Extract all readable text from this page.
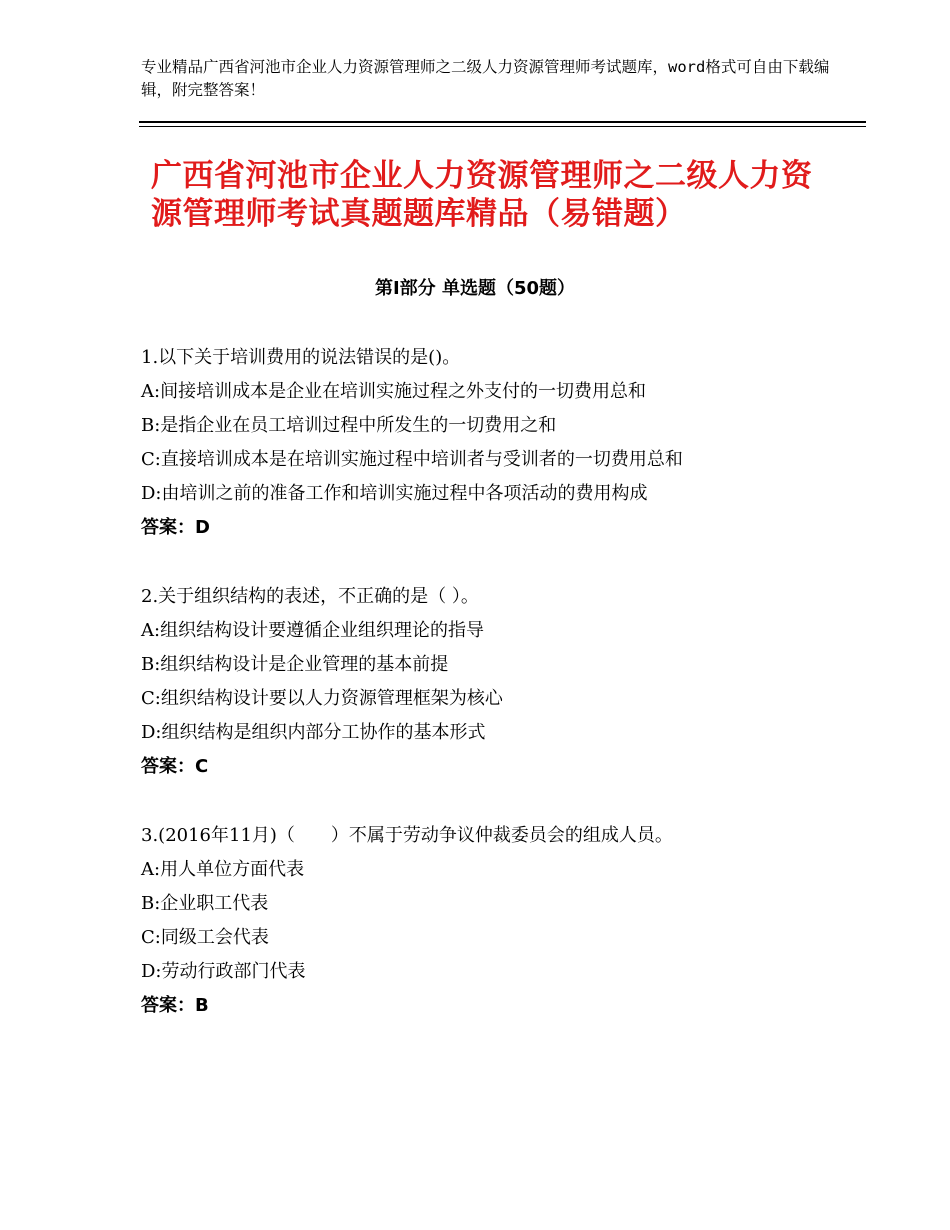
专业精品广西省河池市企业人力资源管理师之二级人力资源管理师考试题库，word格式可自由下载编辑，附完整答案！
广西省河池市企业人力资源管理师之二级人力资源管理师考试真题题库精品（易错题）
第Ⅰ部分 单选题（50题）
1.以下关于培训费用的说法错误的是()。
A:间接培训成本是企业在培训实施过程之外支付的一切费用总和
B:是指企业在员工培训过程中所发生的一切费用之和
C:直接培训成本是在培训实施过程中培训者与受训者的一切费用总和
D:由培训之前的准备工作和培训实施过程中各项活动的费用构成
答案：D
2.关于组织结构的表述，不正确的是（ ）。
A:组织结构设计要遵循企业组织理论的指导
B:组织结构设计是企业管理的基本前提
C:组织结构设计要以人力资源管理框架为核心
D:组织结构是组织内部分工协作的基本形式
答案：C
3.(2016年11月)（　　）不属于劳动争议仲裁委员会的组成人员。
A:用人单位方面代表
B:企业职工代表
C:同级工会代表
D:劳动行政部门代表
答案：B
